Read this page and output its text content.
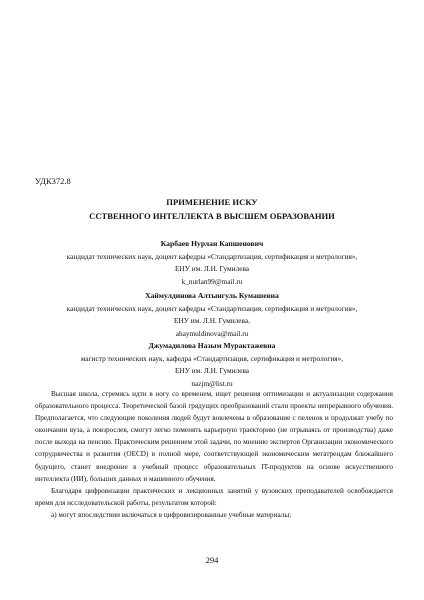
УДК372.8
ПРИМЕНЕНИЕ ИСКУ
ССТВЕННОГО ИНТЕЛЛЕКТА В ВЫСШЕМ ОБРАЗОВАНИИ
Карбаев Нурлан Капшенович
кандидат технических наук, доцент кафедры «Стандартизация, сертификация и метрология»,
ЕНУ им. Л.Н. Гумилева
k_nurlan99@mail.ru
Хаймулдинова Алтынгуль Кумашевна
кандидат технических наук, доцент кафедры «Стандартизация, сертификация и метрология»,
ЕНУ им. Л.Н. Гумилева,
ahaymuldinova@mail.ru
Джумадилова Назым Мурактажевна
магистр технических наук, кафедра «Стандартизация, сертификация и метрология»,
ЕНУ им. Л.Н. Гумилева
nazjm@list.ru

Высшая школа, стремясь идти в ногу со временем, ищет решения оптимизации и актуализации содержания образовательного процесса. Теоретической базой грядущих преобразований стали проекты непрерывного обучения. Предполагается, что следующие поколения людей будут вовлечены в образование с пеленок и продолжат учебу по окончании вуза, а повзрослев, смогут легко поменять карьерную траекторию (не отрываясь от производства) даже после выхода на пенсию. Практическим решением этой задачи, по мнению экспертов Организации экономического сотрудничества и развития (OECD) в полной мере, соответствующей экономическим мегатрендам ближайшего будущего, станет внедрение в учебный процесс образовательных IT-продуктов на основе искусственного интеллекта (ИИ), больших данных и машинного обучения.

Благодаря цифровизации практических и лекционных занятий у вузовских преподавателей освобождается время для исследовательской работы, результатом которой:

а) могут впоследствии включаться в цифровизированные учебные материалы;

294
